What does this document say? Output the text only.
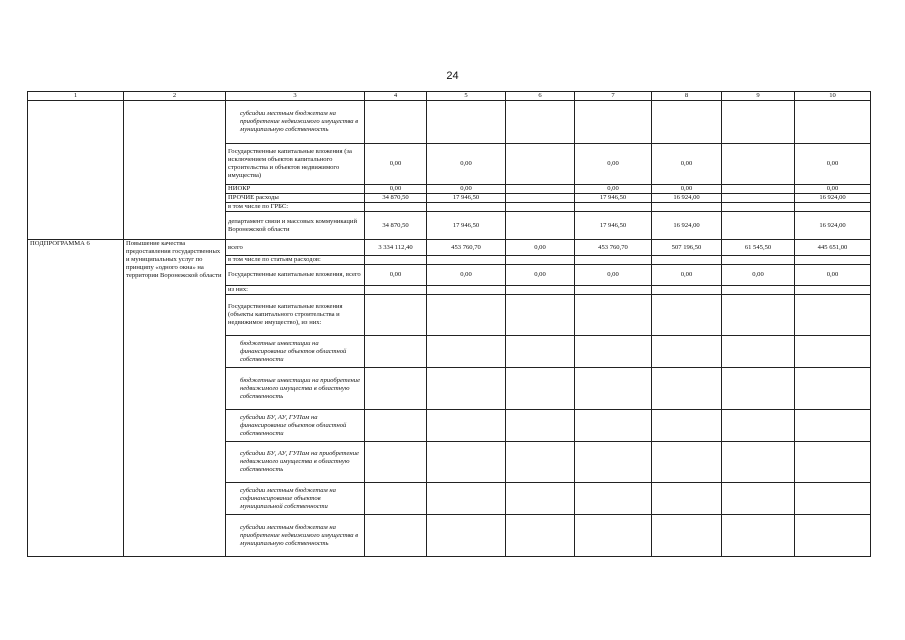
24
1	2	3	4	5	6	7	8	9	10
		субсидии местным бюджетам на приобретение недвижимого имущества в муниципальную собственность							
		Государственные капитальные вложения (за исключением объектов капитального строительства и объектов недвижимого имущества)	0,00	0,00		0,00	0,00		0,00
		НИОКР	0,00	0,00		0,00	0,00		0,00
		ПРОЧИЕ расходы	34 870,50	17 946,50		17 946,50	16 924,00		16 924,00
		в том числе по ГРБС:							
		департамент связи и массовых коммуникаций Воронежской области	34 870,50	17 946,50		17 946,50	16 924,00		16 924,00
ПОДПРОГРАММА 6	Повышение качества предоставления государственных и муниципальных услуг по принципу «одного окна» на территории Воронежской области	всего	3 334 112,40	453 760,70	0,00	453 760,70	507 196,50	61 545,50	445 651,00
		в том числе по статьям расходов:							
		Государственные капитальные вложения, всего	0,00	0,00	0,00	0,00	0,00	0,00	0,00
		из них:							
		Государственные капитальные вложения (объекты капитального строительства и недвижимое имущество), из них:							
		бюджетные инвестиции на финансирование объектов областной собственности							
		бюджетные инвестиции на приобретение недвижимого имущества в областную собственность							
		субсидии БУ, АУ, ГУПам на финансирование объектов областной собственности							
		субсидии БУ, АУ, ГУПам на приобретение недвижимого имущества в областную собственность							
		субсидии местным бюджетам на софинансирование объектов муниципальной собственности							
		субсидии местным бюджетам на приобретение недвижимого имущества в муниципальную собственность							
